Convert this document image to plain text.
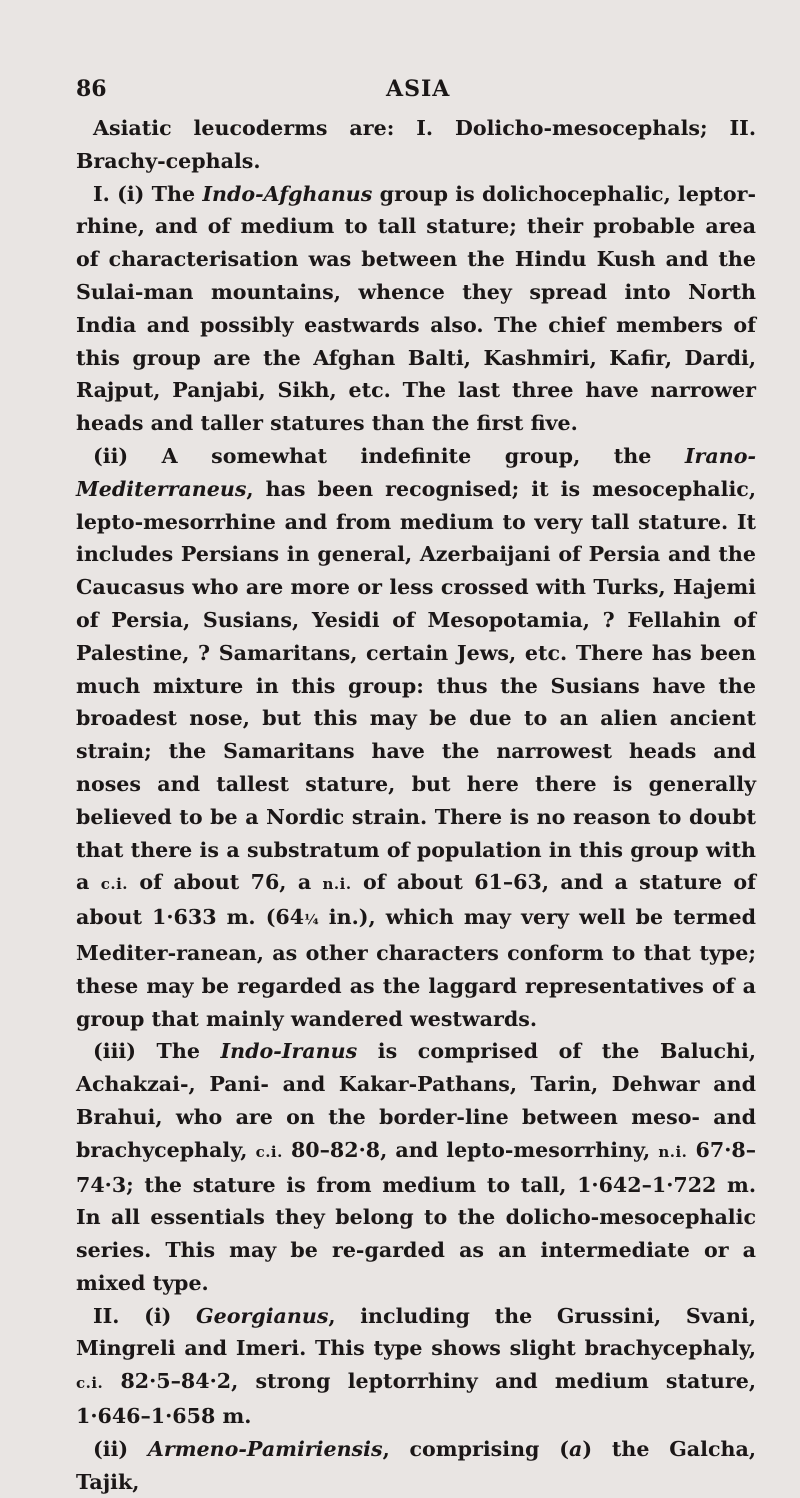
86	ASIA

Asiatic leucoderms are: I. Dolicho-mesocephals; II. Brachy-cephals.

I. (i) The Indo-Afghanus group is dolichocephalic, leptor-rhine, and of medium to tall stature; their probable area of characterisation was between the Hindu Kush and the Sulai-man mountains, whence they spread into North India and possibly eastwards also. The chief members of this group are the Afghan Balti, Kashmiri, Kafir, Dardi, Rajput, Panjabi, Sikh, etc. The last three have narrower heads and taller statures than the first five.

(ii) A somewhat indefinite group, the Irano-Mediterraneus, has been recognised; it is mesocephalic, lepto-mesorrhine and from medium to very tall stature. It includes Persians in general, Azerbaijani of Persia and the Caucasus who are more or less crossed with Turks, Hajemi of Persia, Susians, Yesidi of Mesopotamia, ? Fellahin of Palestine, ? Samaritans, certain Jews, etc. There has been much mixture in this group: thus the Susians have the broadest nose, but this may be due to an alien ancient strain; the Samaritans have the narrowest heads and noses and tallest stature, but here there is generally believed to be a Nordic strain. There is no reason to doubt that there is a substratum of population in this group with a c.i. of about 76, a n.i. of about 61–63, and a stature of about 1·633 m. (64¼ in.), which may very well be termed Mediter-ranean, as other characters conform to that type; these may be regarded as the laggard representatives of a group that mainly wandered westwards.

(iii) The Indo-Iranus is comprised of the Baluchi, Achakzai-, Pani- and Kakar-Pathans, Tarin, Dehwar and Brahui, who are on the border-line between meso- and brachycephaly, c.i. 80–82·8, and lepto-mesorrhiny, n.i. 67·8–74·3; the stature is from medium to tall, 1·642–1·722 m. In all essentials they belong to the dolicho-mesocephalic series. This may be re-garded as an intermediate or a mixed type.

II. (i) Georgianus, including the Grussini, Svani, Mingreli and Imeri. This type shows slight brachycephaly, c.i. 82·5–84·2, strong leptorrhiny and medium stature, 1·646–1·658 m.

(ii) Armeno-Pamiriensis, comprising (a) the Galcha, Tajik,
